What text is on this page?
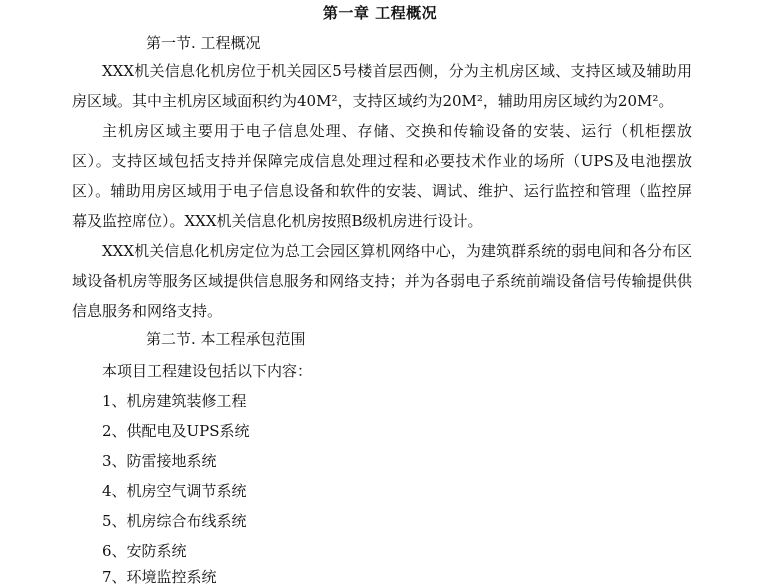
第一章 工程概况
第一节. 工程概况

XXX机关信息化机房位于机关园区5号楼首层西侧，分为主机房区域、支持区域及辅助用房区域。其中主机房区域面积约为40M²，支持区域约为20M²，辅助用房区域约为20M²。

主机房区域主要用于电子信息处理、存储、交换和传输设备的安装、运行（机柜摆放区）。支持区域包括支持并保障完成信息处理过程和必要技术作业的场所（UPS及电池摆放区）。辅助用房区域用于电子信息设备和软件的安装、调试、维护、运行监控和管理（监控屏幕及监控席位）。XXX机关信息化机房按照B级机房进行设计。

XXX机关信息化机房定位为总工会园区算机网络中心，为建筑群系统的弱电间和各分布区域设备机房等服务区域提供信息服务和网络支持；并为各弱电子系统前端设备信号传输提供供信息服务和网络支持。

第二节. 本工程承包范围
本项目工程建设包括以下内容：
1、机房建筑装修工程
2、供配电及UPS系统
3、防雷接地系统
4、机房空气调节系统
5、机房综合布线系统
6、安防系统
7、环境监控系统
